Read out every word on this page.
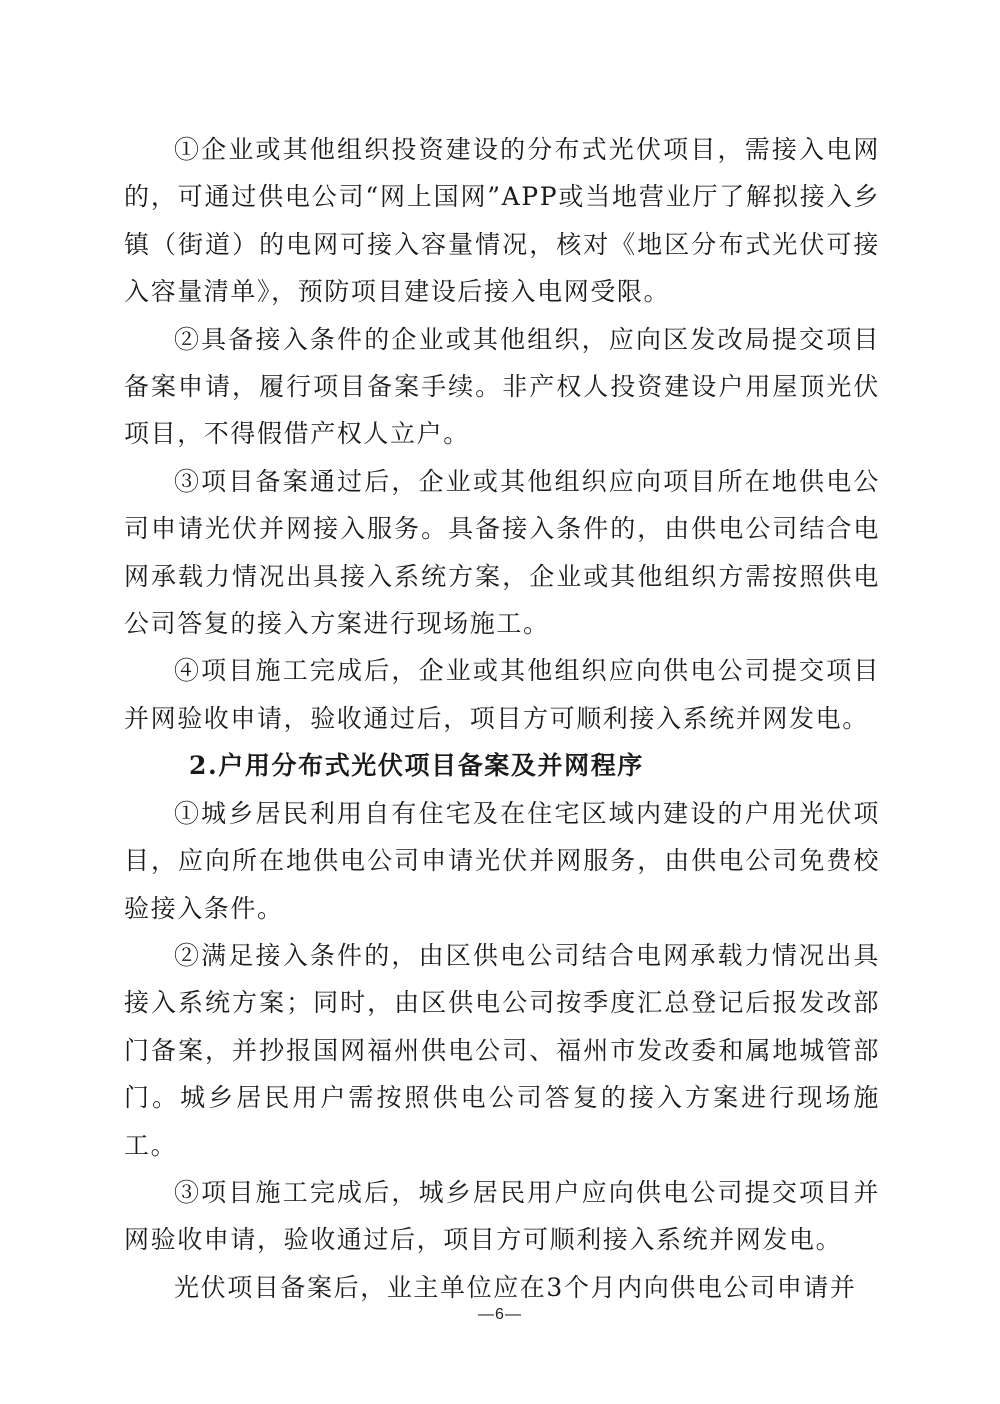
①企业或其他组织投资建设的分布式光伏项目，需接入电网的，可通过供电公司“网上国网”APP或当地营业厅了解拟接入乡镇（街道）的电网可接入容量情况，核对《地区分布式光伏可接入容量清单》，预防项目建设后接入电网受限。

②具备接入条件的企业或其他组织，应向区发改局提交项目备案申请，履行项目备案手续。非产权人投资建设户用屋顶光伏项目，不得假借产权人立户。

③项目备案通过后，企业或其他组织应向项目所在地供电公司申请光伏并网接入服务。具备接入条件的，由供电公司结合电网承载力情况出具接入系统方案，企业或其他组织方需按照供电公司答复的接入方案进行现场施工。

④项目施工完成后，企业或其他组织应向供电公司提交项目并网验收申请，验收通过后，项目方可顺利接入系统并网发电。

2.户用分布式光伏项目备案及并网程序

①城乡居民利用自有住宅及在住宅区域内建设的户用光伏项目，应向所在地供电公司申请光伏并网服务，由供电公司免费校验接入条件。

②满足接入条件的，由区供电公司结合电网承载力情况出具接入系统方案；同时，由区供电公司按季度汇总登记后报发改部门备案，并抄报国网福州供电公司、福州市发改委和属地城管部门。城乡居民用户需按照供电公司答复的接入方案进行现场施工。

③项目施工完成后，城乡居民用户应向供电公司提交项目并网验收申请，验收通过后，项目方可顺利接入系统并网发电。

光伏项目备案后，业主单位应在3个月内向供电公司申请并

—6—
